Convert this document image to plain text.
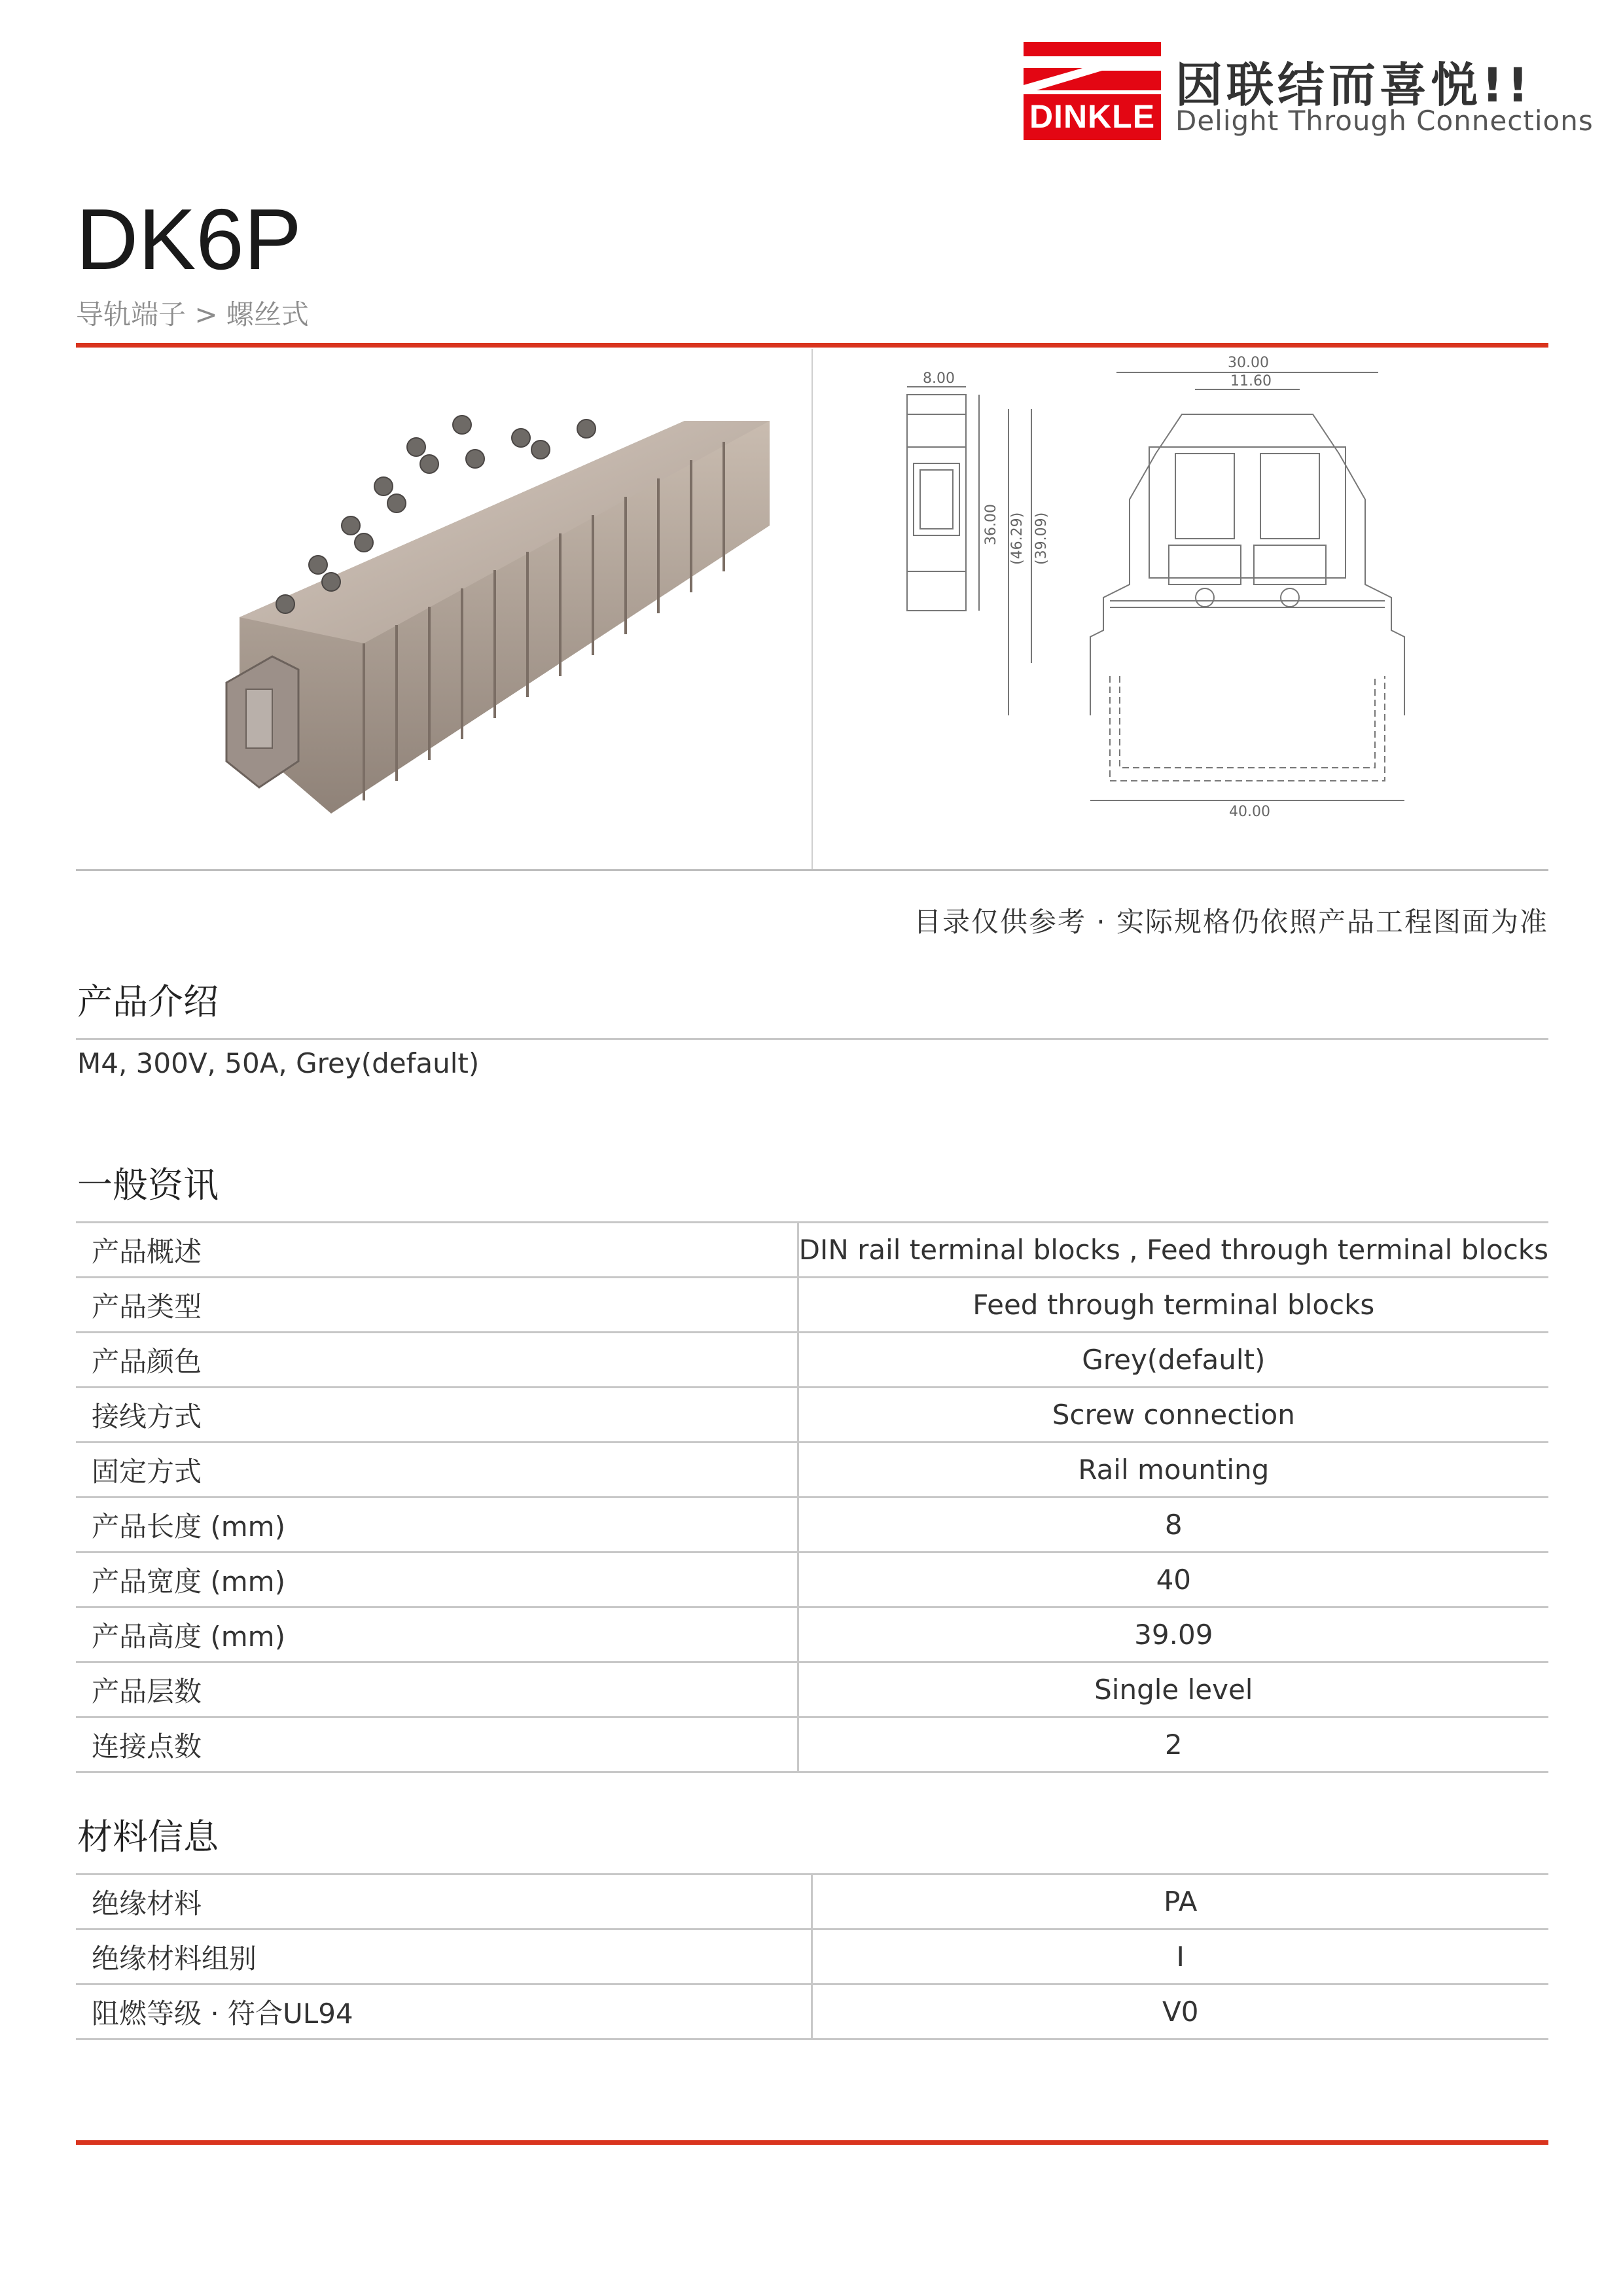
DINKLE
因联结而喜悦!!
Delight Through Connections
DK6P
导轨端子 > 螺丝式
8.00
30.00
11.60
40.00
36.00 (46.29) (39.09)
目录仅供参考 · 实际规格仍依照产品工程图面为准
产品介绍
M4, 300V, 50A, Grey(default)
一般资讯
产品概述	DIN rail terminal blocks , Feed through terminal blocks
产品类型	Feed through terminal blocks
产品颜色	Grey(default)
接线方式	Screw connection
固定方式	Rail mounting
产品长度 (mm)	8
产品宽度 (mm)	40
产品高度 (mm)	39.09
产品层数	Single level
连接点数	2
材料信息
绝缘材料	PA
绝缘材料组别	I
阻燃等级 · 符合UL94	V0
